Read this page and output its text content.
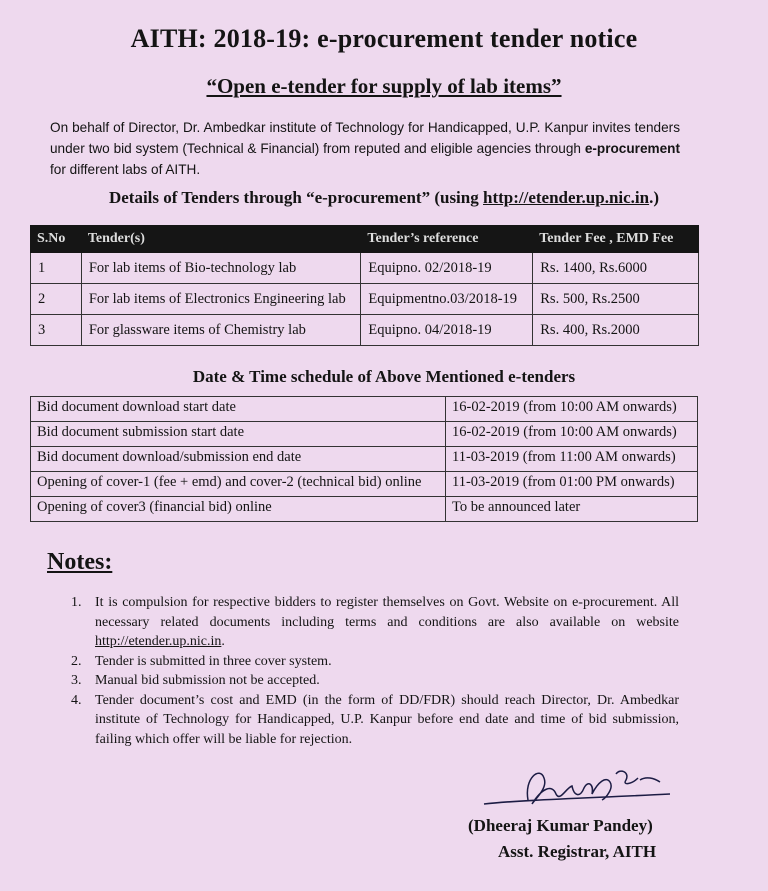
AITH: 2018-19: e-procurement tender notice
“Open e-tender for supply of lab items”
On behalf of Director, Dr. Ambedkar institute of Technology for Handicapped, U.P. Kanpur invites tenders under two bid system (Technical & Financial) from reputed and eligible agencies through e-procurement for different labs of AITH.
Details of Tenders through “e-procurement” (using http://etender.up.nic.in.)
S.No	Tender(s)	Tender’s reference	Tender Fee , EMD Fee
1	For lab items of Bio-technology lab	Equipno. 02/2018-19	Rs. 1400, Rs.6000
2	For lab items of Electronics Engineering lab	Equipmentno.03/2018-19	Rs. 500, Rs.2500
3	For glassware items of Chemistry lab	Equipno. 04/2018-19	Rs. 400, Rs.2000
Date & Time schedule of Above Mentioned e-tenders
Bid document download start date	16-02-2019 (from 10:00 AM onwards)
Bid document submission start date	16-02-2019 (from 10:00 AM onwards)
Bid document download/submission end date	11-03-2019 (from 11:00 AM onwards)
Opening of cover-1 (fee + emd) and cover-2 (technical bid) online	11-03-2019 (from 01:00 PM onwards)
Opening of cover3 (financial bid) online	To be announced later
Notes:
1. It is compulsion for respective bidders to register themselves on Govt. Website on e-procurement. All necessary related documents including terms and conditions are also available on website http://etender.up.nic.in.
2. Tender is submitted in three cover system.
3. Manual bid submission not be accepted.
4. Tender document’s cost and EMD (in the form of DD/FDR) should reach Director, Dr. Ambedkar institute of Technology for Handicapped, U.P. Kanpur before end date and time of bid submission, failing which offer will be liable for rejection.
(Dheeraj Kumar Pandey)
Asst. Registrar, AITH
